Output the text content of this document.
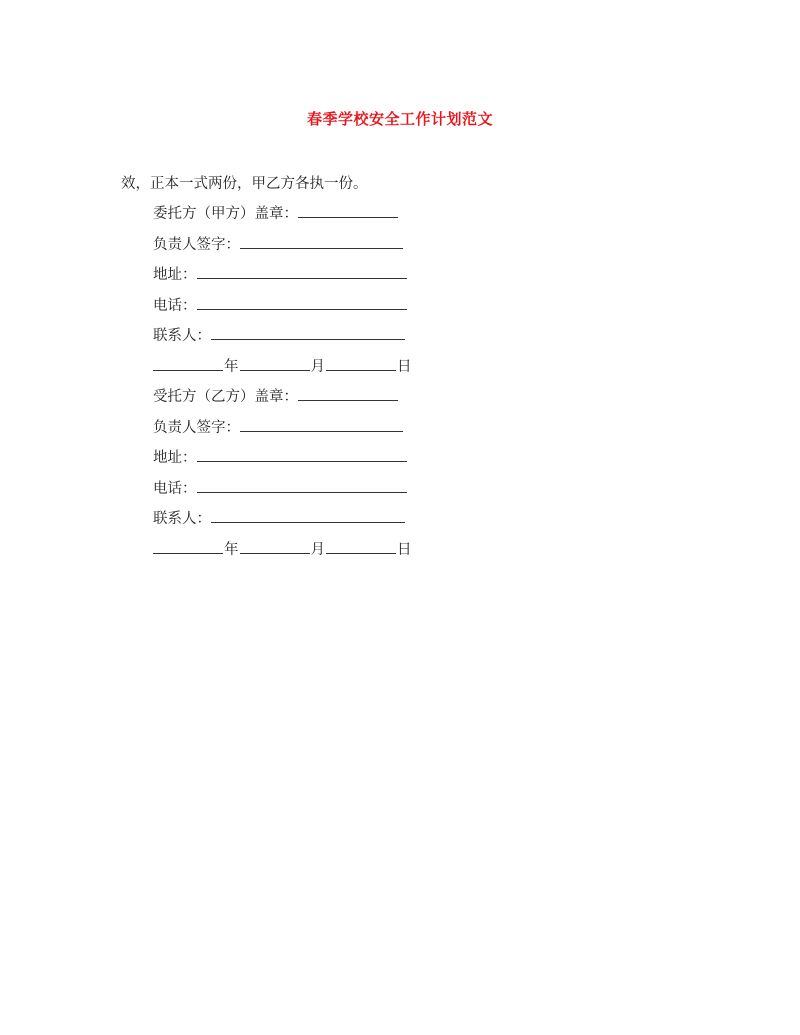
春季学校安全工作计划范文
效，正本一式两份，甲乙方各执一份。
委托方（甲方）盖章：
负责人签字：
地址：
电话：
联系人：
年	月	日
受托方（乙方）盖章：
负责人签字：
地址：
电话：
联系人：
年	月	日
